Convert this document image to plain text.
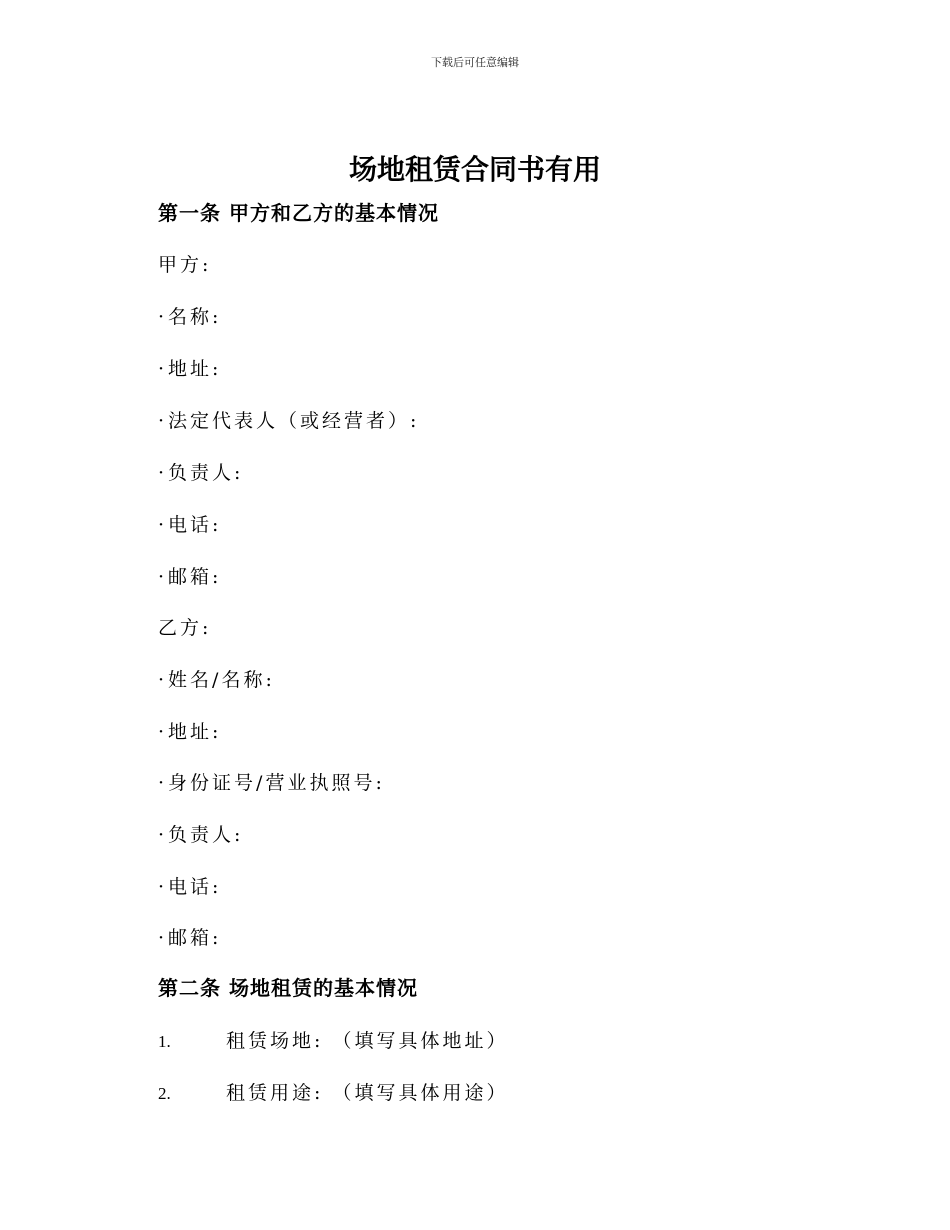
下载后可任意编辑
场地租赁合同书有用
第一条 甲方和乙方的基本情况
甲方:
· 名称:
· 地址:
· 法定代表人（或经营者）:
· 负责人:
· 电话:
· 邮箱:
乙方:
· 姓名/名称:
· 地址:
· 身份证号/营业执照号:
· 负责人:
· 电话:
· 邮箱:
第二条 场地租赁的基本情况
1.	租赁场地: （填写具体地址）
2.	租赁用途: （填写具体用途）
